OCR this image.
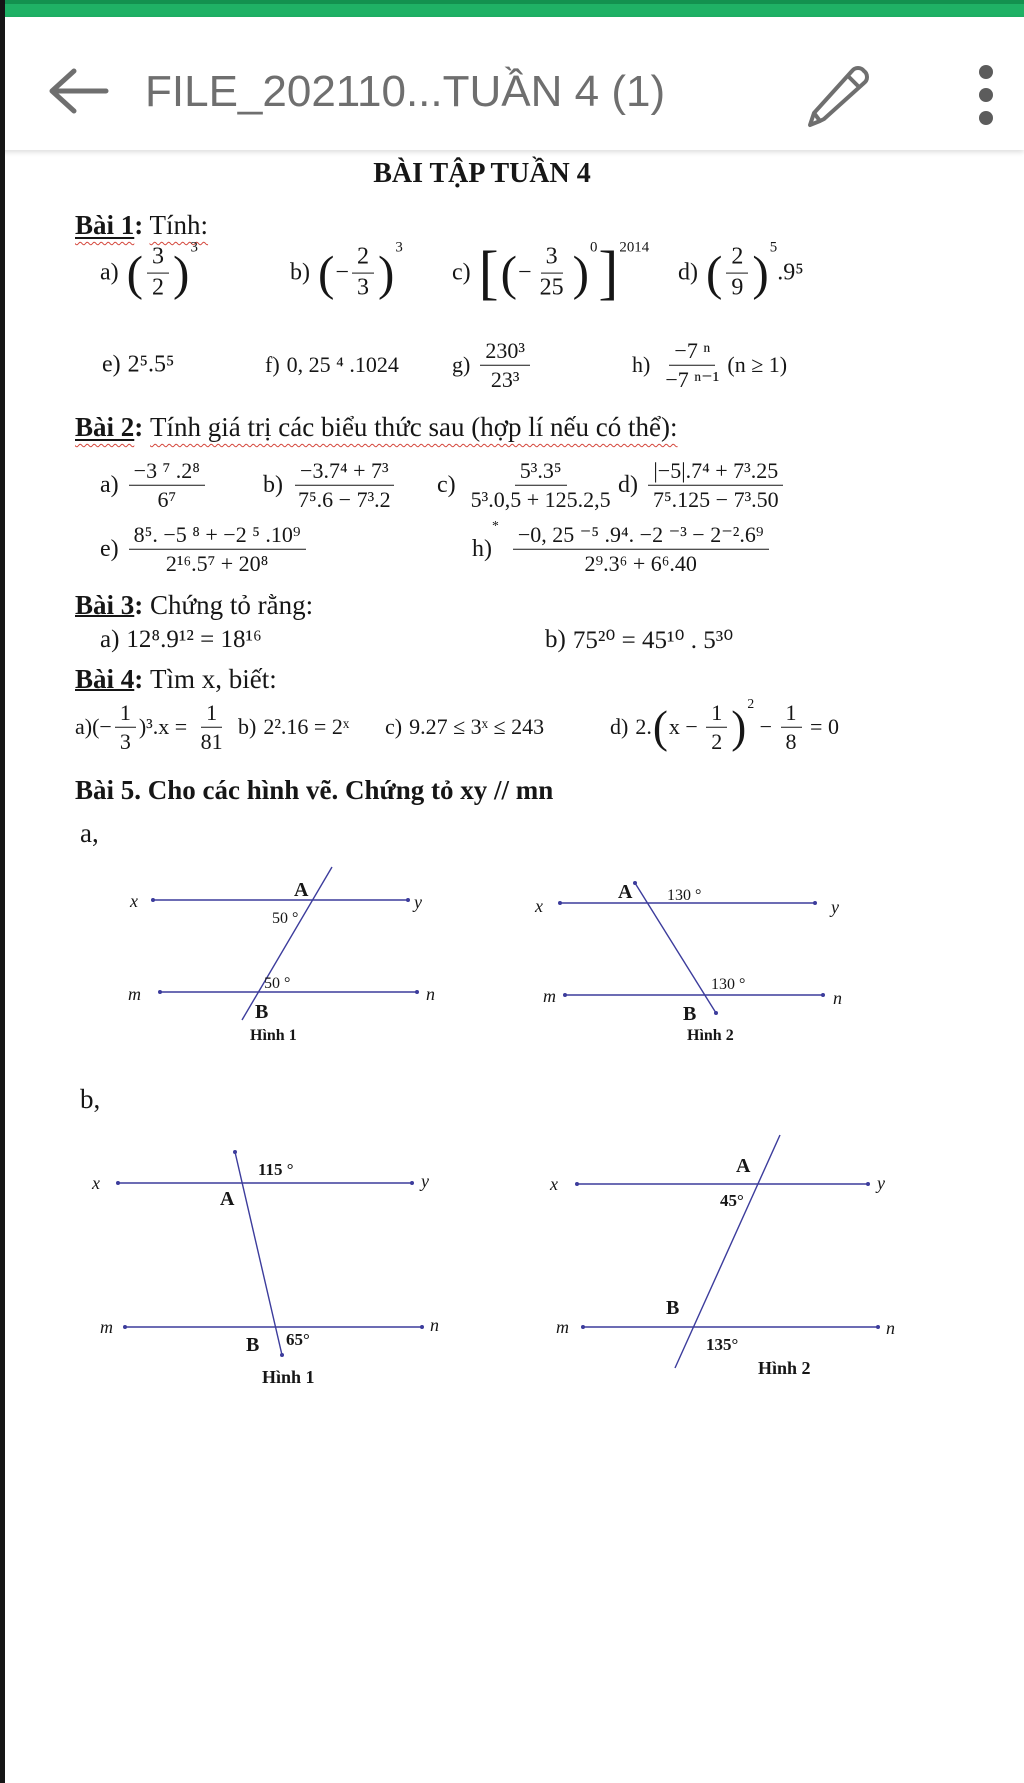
FILE_202110...TUẦN 4 (1)
BÀI TẬP TUẦN 4
Bài 1: Tính:
a) ( $\frac{3}{2}$ ) 3
b) ( − $\frac{2}{3}$ ) 3
c) [ ( − $\frac{3}{25}$ ) 0 ] 2014
d) ( $\frac{2}{9}$ ) 5
.9⁵
e) 2⁵.5⁵	f) 0, 25 ⁴ .1024 $g) \frac{\text{230³}}{\text{23³}}$	$h) \frac{\text{−7 ⁿ}}{\text{−7 ⁿ⁻¹}} (n \ge 1)$
Bài 2: Tính giá trị các biểu thức sau (hợp lí nếu có thể):
$a) \frac{\text{−3 ⁷ .2⁸}}{\text{6⁷}} b) \frac{\text{−3.7⁴ + 7³}}{\text{7⁵.6 − 7³.2}} c) \frac{\text{5³.3⁵}}{\text{5³.0,5 + 125.2,5}} d) \frac{\text{|−5|.7⁴ + 7³.25}}{\text{7⁵.125 − 7³.50}}$
$e) \frac{\text{8⁵. −5 ⁸ + −2 ⁵ .10⁹}}{\text{2¹⁶.5⁷ + 20⁸}}$	h)
*
$\frac{\text{−0, 25 ⁻⁵ .9⁴. −2 ⁻³ − 2⁻².6⁹}}{\text{2⁹.3⁶ + 6⁶.40}}$
Bài 3: Chứng tỏ rằng:
a) 12⁸.9¹² = 18¹⁶	b) 75²⁰ = 45¹⁰ . 5³⁰
Bài 4: Tìm x, biết:
a) (− $\frac{1}{3} )^3.x = \frac{1}{81} b$) 2².16 = 2ˣ c) 9.27 ≤ 3ˣ ≤ 243	d) 2. ( $x - \frac{1}{2}$ ) 2
− $\frac{1}{8} = 0$
Bài 5. Cho các hình vẽ. Chứng tỏ xy // mn
a,
b,
x	y
A
50 °
50 °
B
n
m
Hình 1
x	y
A 130 °
130 °
B
m	n
Hình 2
x	y
115 °
A
m	n
B 65°
Hình 1
x	y
A
45°
m	n
B
135°
Hình 2
